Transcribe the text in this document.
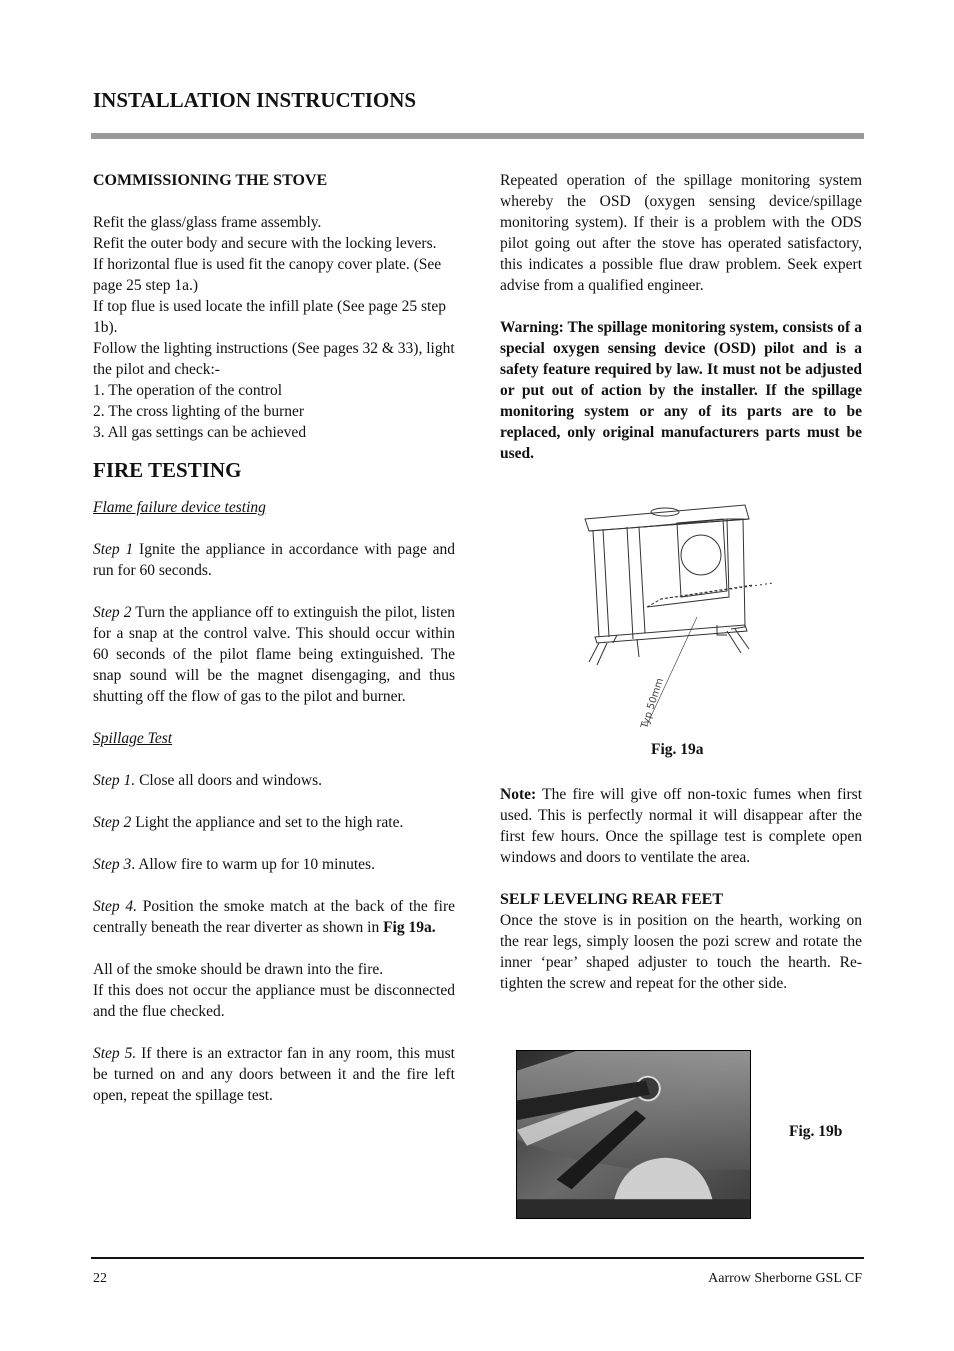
INSTALLATION INSTRUCTIONS
COMMISSIONING THE STOVE

Refit the glass/glass frame assembly.

Refit the outer body and secure with the locking levers.

If horizontal flue is used fit the canopy cover plate. (See page 25 step 1a.)

If top flue is used locate the infill plate (See page 25 step 1b).

Follow the lighting instructions (See pages 32 & 33), light the pilot and check:-

1. The operation of the control

2. The cross lighting of the burner

3. All gas settings can be achieved

FIRE TESTING

Flame failure device testing

Step 1 Ignite the appliance in accordance with page and run for 60 seconds.

Step 2 Turn the appliance off to extinguish the pilot, listen for a snap at the control valve. This should occur within 60 seconds of the pilot flame being extinguished. The snap sound will be the magnet disengaging, and thus shutting off the flow of gas to the pilot and burner.

Spillage Test

Step 1. Close all doors and windows.

Step 2 Light the appliance and set to the high rate.

Step 3. Allow fire to warm up for 10 minutes.

Step 4. Position the smoke match at the back of the fire centrally beneath the rear diverter as shown in Fig 19a.

All of the smoke should be drawn into the fire.

If this does not occur the appliance must be disconnected and the flue checked.

Step 5. If there is an extractor fan in any room, this must be turned on and any doors between it and the fire left open, repeat the spillage test.

Repeated operation of the spillage monitoring system whereby the OSD (oxygen sensing device/spillage monitoring system). If their is a problem with the ODS pilot going out after the stove has operated satisfactory, this indicates a possible flue draw problem. Seek expert advise from a qualified engineer.

Warning: The spillage monitoring system, consists of a special oxygen sensing device (OSD) pilot and is a safety feature required by law. It must not be adjusted or put out of action by the installer. If the spillage monitoring system or any of its parts are to be replaced, only original manufacturers parts must be used.

Typ 50mm
Fig. 19a

Note: The fire will give off non-toxic fumes when first used. This is perfectly normal it will disappear after the first few hours. Once the spillage test is complete open windows and doors to ventilate the area.

SELF LEVELING REAR FEET

Once the stove is in position on the hearth, working on the rear legs, simply loosen the pozi screw and rotate the inner ‘pear’ shaped adjuster to touch the hearth. Re-tighten the screw and repeat for the other side.

Fig. 19b
22	Aarrow Sherborne GSL CF
